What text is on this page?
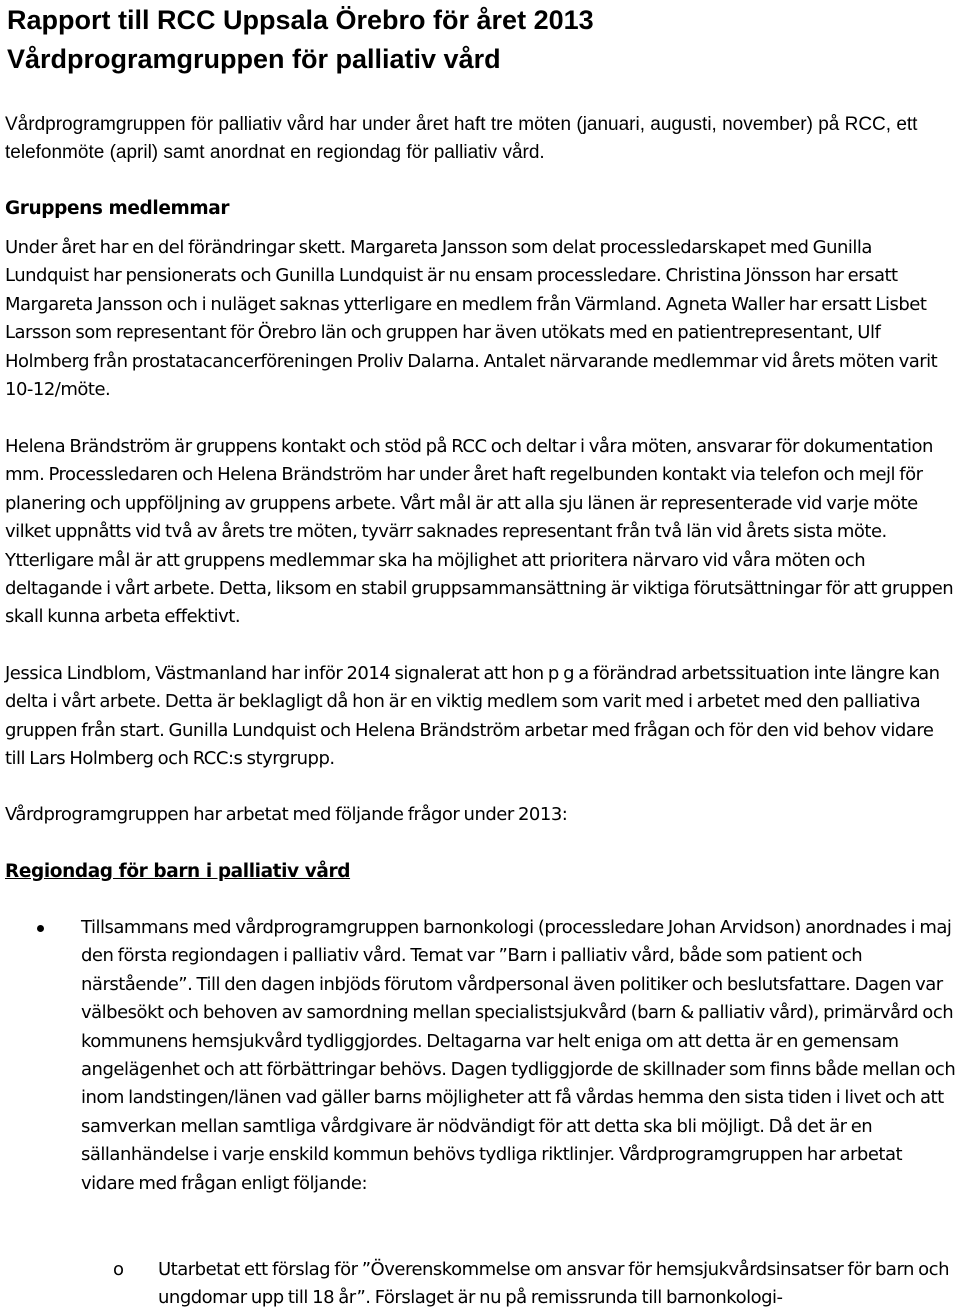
Rapport till RCC Uppsala Örebro för året 2013
Vårdprogramgruppen för palliativ vård

Vårdprogramgruppen för palliativ vård har under året haft tre möten (januari, augusti, november) på RCC, ett telefonmöte (april) samt anordnat en regiondag för palliativ vård.

Gruppens medlemmar

Under året har en del förändringar skett. Margareta Jansson som delat processledarskapet med Gunilla Lundquist har pensionerats och Gunilla Lundquist är nu ensam processledare. Christina Jönsson har ersatt Margareta Jansson och i nuläget saknas ytterligare en medlem från Värmland. Agneta Waller har ersatt Lisbet Larsson som representant för Örebro län och gruppen har även utökats med en patientrepresentant, Ulf Holmberg från prostatacancerföreningen Proliv Dalarna. Antalet närvarande medlemmar vid årets möten varit 10-12/möte.

Helena Brändström är gruppens kontakt och stöd på RCC och deltar i våra möten, ansvarar för dokumentation mm. Processledaren och Helena Brändström har under året haft regelbunden kontakt via telefon och mejl för planering och uppföljning av gruppens arbete. Vårt mål är att alla sju länen är representerade vid varje möte vilket uppnåtts vid två av årets tre möten, tyvärr saknades representant från två län vid årets sista möte. Ytterligare mål är att gruppens medlemmar ska ha möjlighet att prioritera närvaro vid våra möten och deltagande i vårt arbete. Detta, liksom en stabil gruppsammansättning är viktiga förutsättningar för att gruppen skall kunna arbeta effektivt.

Jessica Lindblom, Västmanland har inför 2014 signalerat att hon p g a förändrad arbetssituation inte längre kan delta i vårt arbete. Detta är beklagligt då hon är en viktig medlem som varit med i arbetet med den palliativa gruppen från start. Gunilla Lundquist och Helena Brändström arbetar med frågan och för den vid behov vidare till Lars Holmberg och RCC:s styrgrupp.

Vårdprogramgruppen har arbetat med följande frågor under 2013:

Regiondag för barn i palliativ vård

Tillsammans med vårdprogramgruppen barnonkologi (processledare Johan Arvidson) anordnades i maj den första regiondagen i palliativ vård. Temat var ”Barn i palliativ vård, både som patient och närstående”. Till den dagen inbjöds förutom vårdpersonal även politiker och beslutsfattare. Dagen var välbesökt och behoven av samordning mellan specialistsjukvård (barn & palliativ vård), primärvård och kommunens hemsjukvård tydliggjordes. Deltagarna var helt eniga om att detta är en gemensam angelägenhet och att förbättringar behövs. Dagen tydliggjorde de skillnader som finns både mellan och inom landstingen/länen vad gäller barns möjligheter att få vårdas hemma den sista tiden i livet och att samverkan mellan samtliga vårdgivare är nödvändigt för att detta ska bli möjligt. Då det är en sällanhändelse i varje enskild kommun behövs tydliga riktlinjer. Vårdprogramgruppen har arbetat vidare med frågan enligt följande:

o Utarbetat ett förslag för ”Överenskommelse om ansvar för hemsjukvårdsinsatser för barn och ungdomar upp till 18 år”. Förslaget är nu på remissrunda till barnonkologi-
